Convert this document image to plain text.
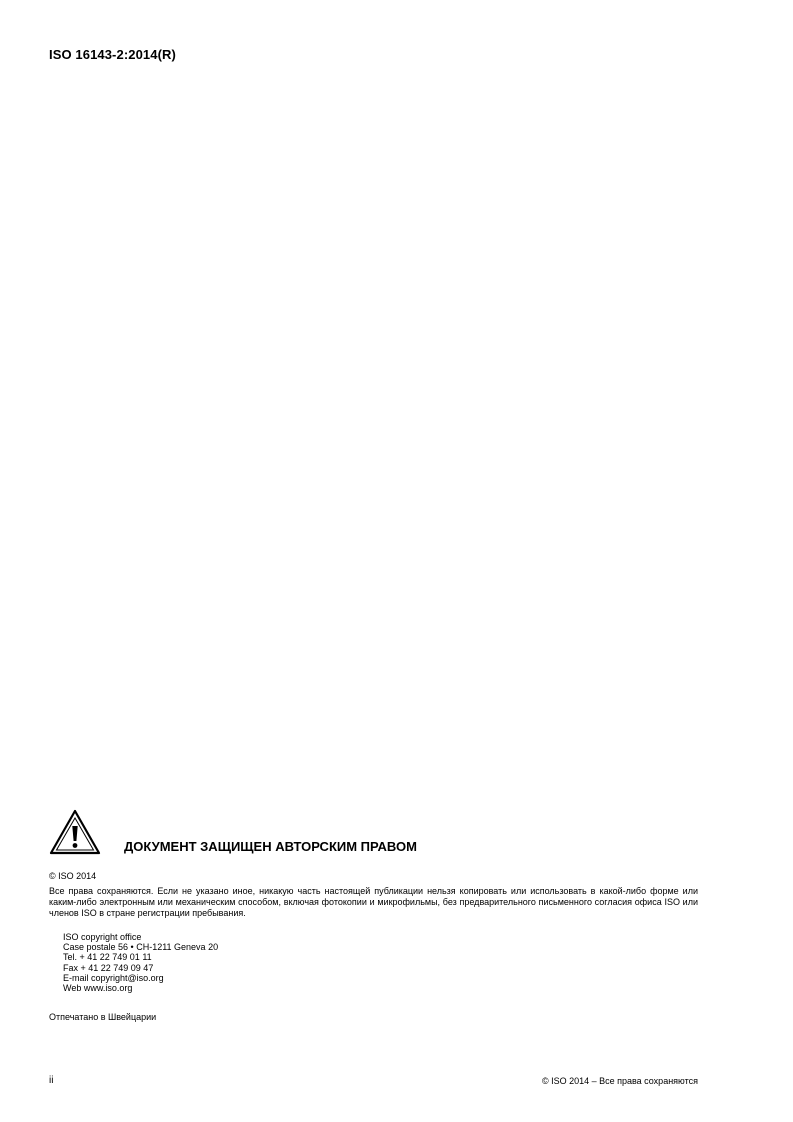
ISO 16143-2:2014(R)
ДОКУМЕНТ ЗАЩИЩЕН АВТОРСКИМ ПРАВОМ
© ISO 2014
Все права сохраняются. Если не указано иное, никакую часть настоящей публикации нельзя копировать или использовать в какой-либо форме или каким-либо электронным или механическим способом, включая фотокопии и микрофильмы, без предварительного письменного согласия офиса ISO или членов ISO в стране регистрации пребывания.
ISO copyright office
Case postale 56 • CH-1211 Geneva 20
Tel. + 41 22 749 01 11
Fax + 41 22 749 09 47
E-mail copyright@iso.org
Web www.iso.org
Отпечатано в Швейцарии
ii	© ISO 2014 – Все права сохраняются
